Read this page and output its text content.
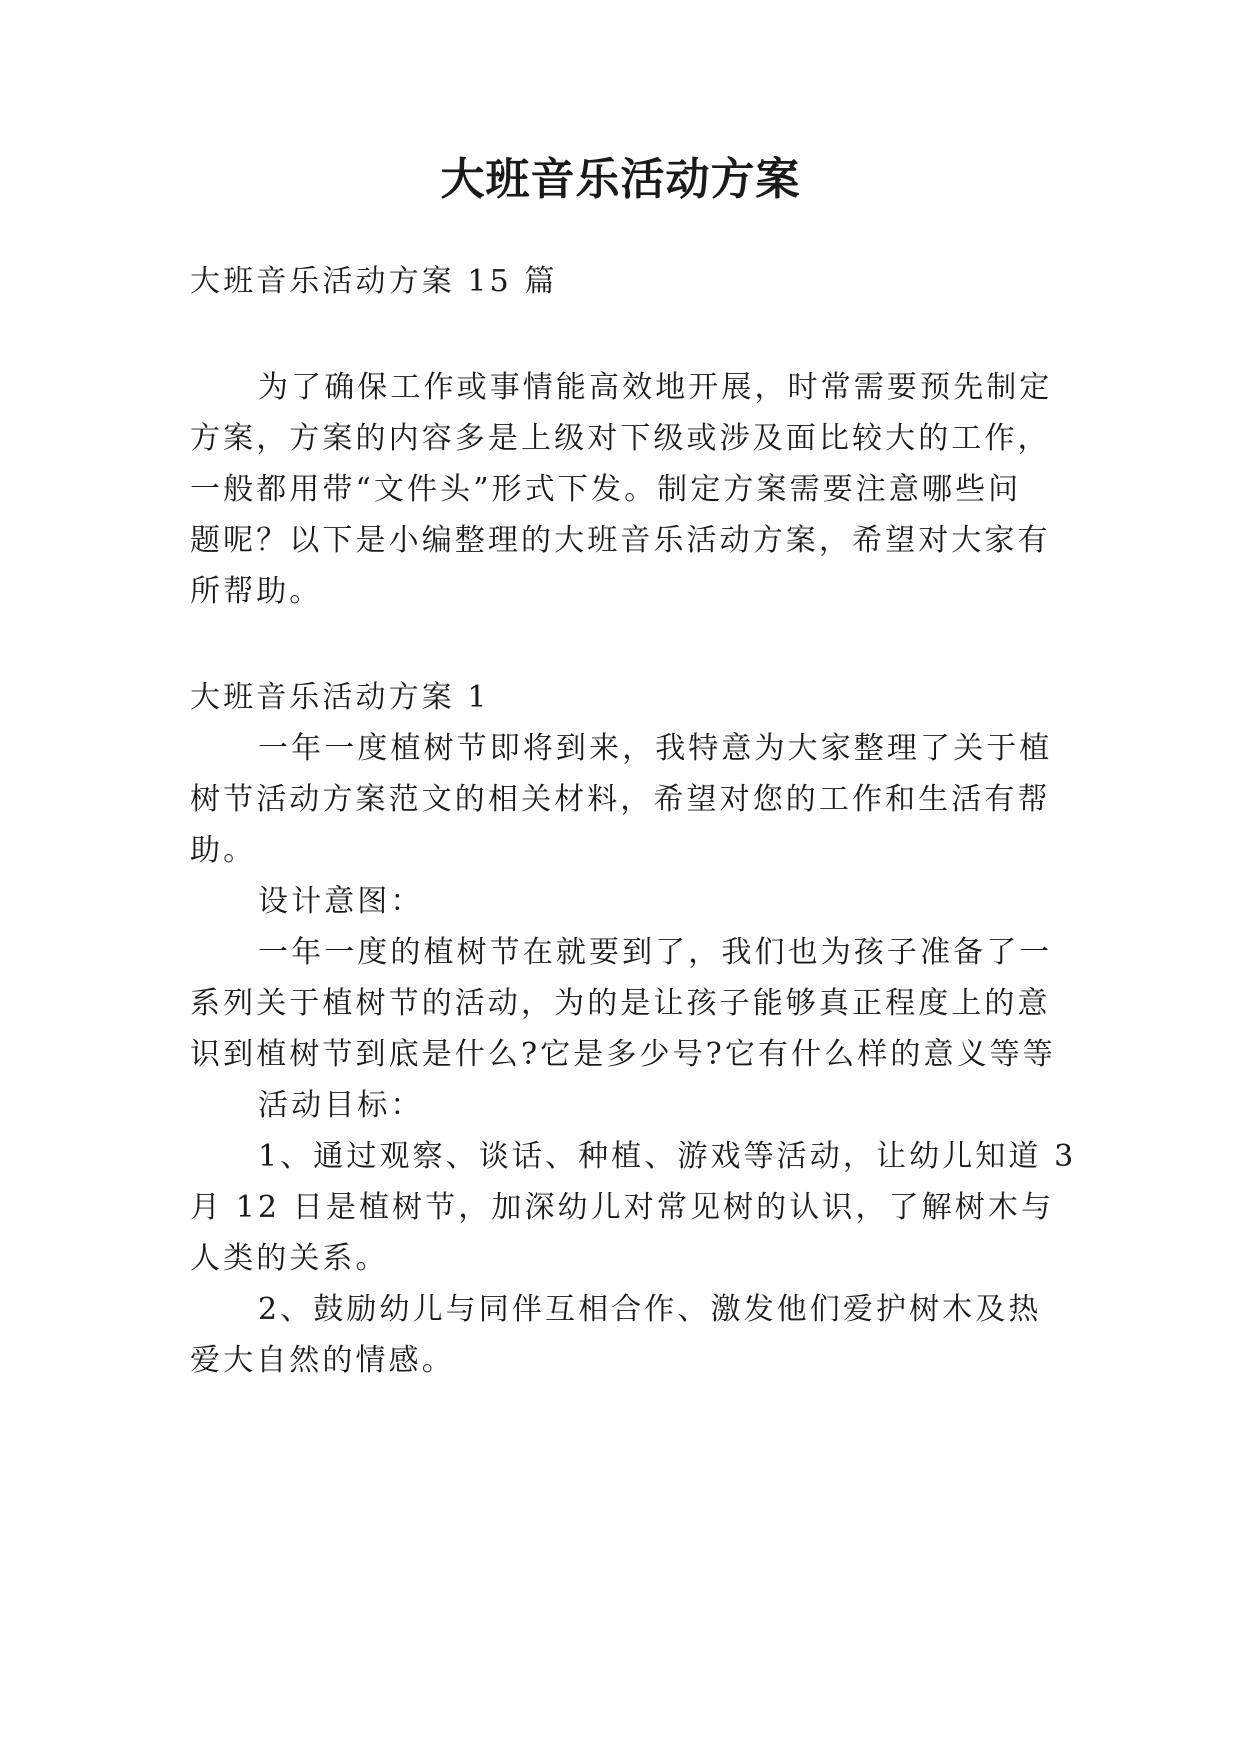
大班音乐活动方案
大班音乐活动方案 15 篇
为了确保工作或事情能高效地开展，时常需要预先制定
方案，方案的内容多是上级对下级或涉及面比较大的工作，
一般都用带“文件头”形式下发。制定方案需要注意哪些问
题呢？以下是小编整理的大班音乐活动方案，希望对大家有
所帮助。
大班音乐活动方案 1
一年一度植树节即将到来，我特意为大家整理了关于植
树节活动方案范文的相关材料，希望对您的工作和生活有帮
助。
设计意图：
一年一度的植树节在就要到了，我们也为孩子准备了一
系列关于植树节的活动，为的是让孩子能够真正程度上的意
识到植树节到底是什么?它是多少号?它有什么样的意义等等
活动目标：
1、通过观察、谈话、种植、游戏等活动，让幼儿知道 3
月 12 日是植树节，加深幼儿对常见树的认识，了解树木与
人类的关系。
2、鼓励幼儿与同伴互相合作、激发他们爱护树木及热
爱大自然的情感。
